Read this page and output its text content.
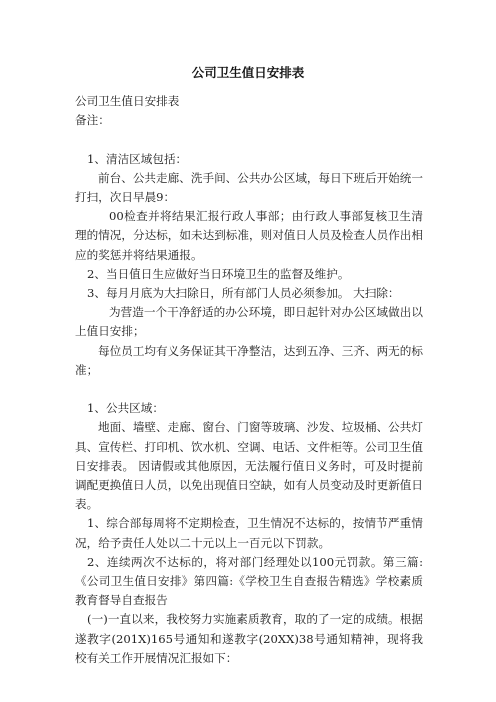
公司卫生值日安排表

公司卫生值日安排表

备注：

1、清洁区域包括：

前台、公共走廊、洗手间、公共办公区域，每日下班后开始统一打扫，次日早晨9：

00检查并将结果汇报行政人事部；由行政人事部复核卫生清理的情况，分达标，如未达到标准，则对值日人员及检查人员作出相应的奖惩并将结果通报。

2、当日值日生应做好当日环境卫生的监督及维护。

3、每月月底为大扫除日，所有部门人员必须参加。 大扫除：

为营造一个干净舒适的办公环境，即日起针对办公区域做出以上值日安排；

每位员工均有义务保证其干净整洁，达到五净、三齐、两无的标准；

1、公共区域：

地面、墙壁、走廊、窗台、门窗等玻璃、沙发、垃圾桶、公共灯具、宣传栏、打印机、饮水机、空调、电话、文件柜等。公司卫生值日安排表。 因请假或其他原因，无法履行值日义务时，可及时提前调配更换值日人员，以免出现值日空缺，如有人员变动及时更新值日表。

1、综合部每周将不定期检查，卫生情况不达标的，按情节严重情况，给予责任人处以二十元以上一百元以下罚款。

2、连续两次不达标的，将对部门经理处以100元罚款。第三篇:《公司卫生值日安排》第四篇:《学校卫生自查报告精选》学校素质教育督导自查报告

(一)一直以来，我校努力实施素质教育，取的了一定的成绩。根据遂教字(201X)165号通知和遂教字(20XX)38号通知精神，现将我校有关工作开展情况汇报如下：
